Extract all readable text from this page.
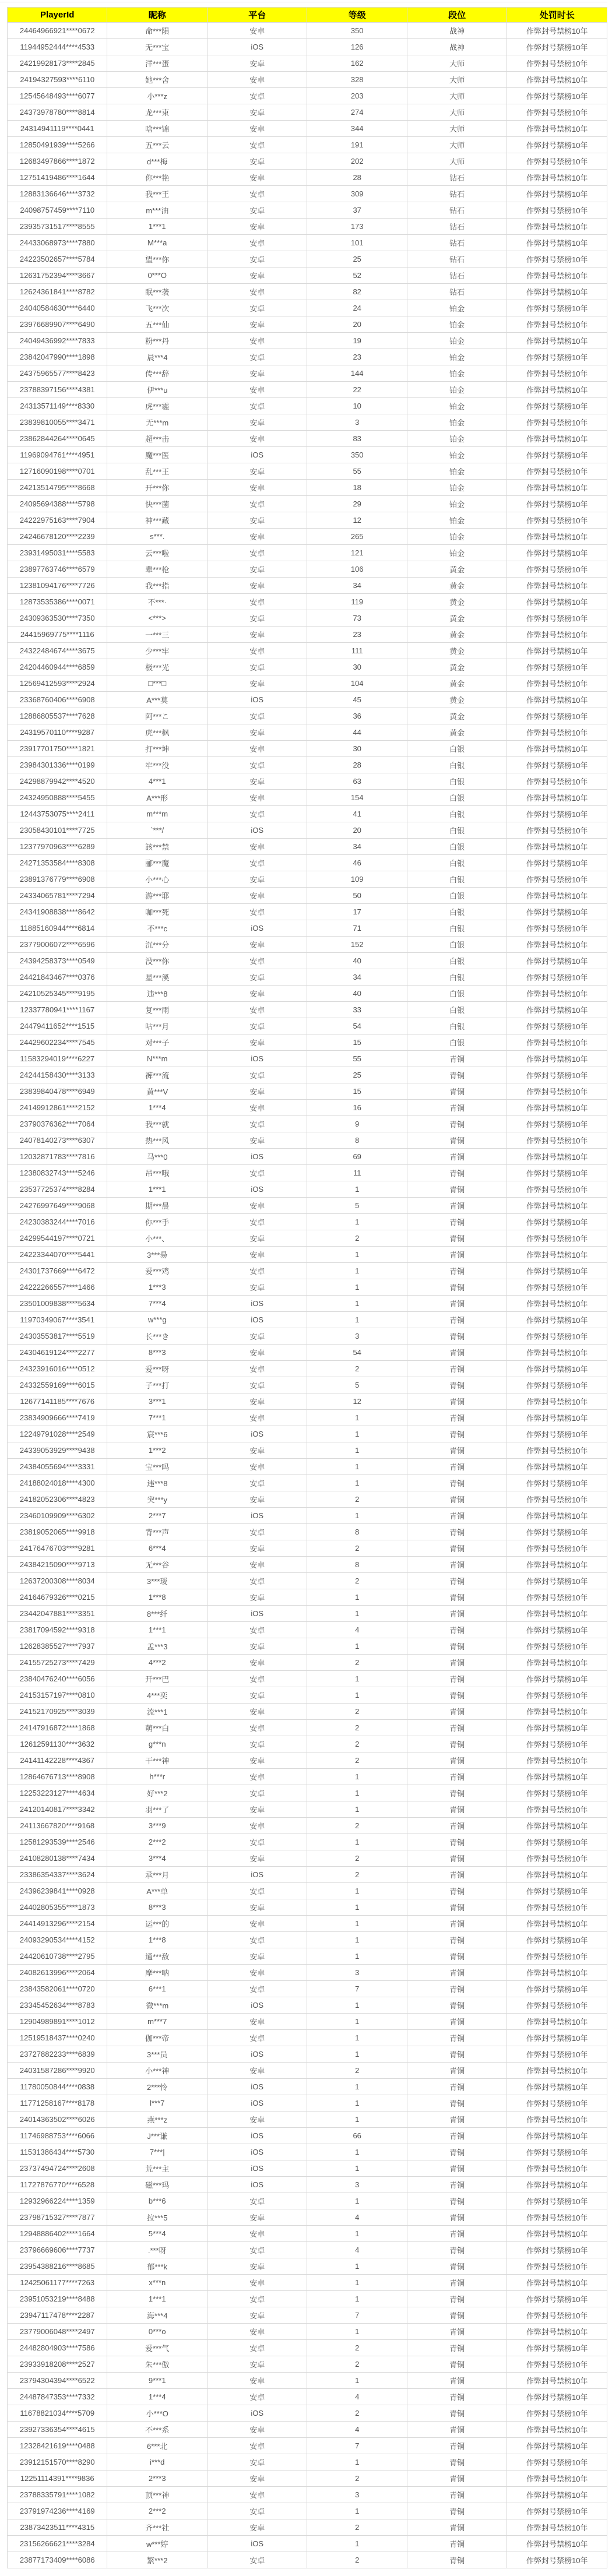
PlayerId	昵称	平台	等级	段位	处罚时长
24464966921****0672	命***隕	安卓	350	战神	作弊封号禁榜10年
11944952444****4533	无***宝	iOS	126	战神	作弊封号禁榜10年
24219928173****2845	洋***蛋	安卓	162	大师	作弊封号禁榜10年
24194327593****6110	她***舍	安卓	328	大师	作弊封号禁榜10年
12545648493****6077	小***z	安卓	203	大师	作弊封号禁榜10年
24373978780****8814	龙***束	安卓	274	大师	作弊封号禁榜10年
24314941119****0441	啥***锦	安卓	344	大师	作弊封号禁榜10年
12850491939****5266	五***云	安卓	191	大师	作弊封号禁榜10年
12683497866****1872	d***梅	安卓	202	大师	作弊封号禁榜10年
12751419486****1644	你***艳	安卓	28	钻石	作弊封号禁榜10年
12883136646****3732	我***王	安卓	309	钻石	作弊封号禁榜10年
24098757459****7110	m***油	安卓	37	钻石	作弊封号禁榜10年
23935731517****8555	1***1	安卓	173	钻石	作弊封号禁榜10年
24433068973****7880	M***a	安卓	101	钻石	作弊封号禁榜10年
24223502657****5784	望***你	安卓	25	钻石	作弊封号禁榜10年
12631752394****3667	0***O	安卓	52	钻石	作弊封号禁榜10年
12624361841****8782	眠***袭	安卓	82	钻石	作弊封号禁榜10年
24040584630****6440	飞***次	安卓	24	铂金	作弊封号禁榜10年
23976689907****6490	五***仙	安卓	20	铂金	作弊封号禁榜10年
24049436992****7833	粉***丹	安卓	19	铂金	作弊封号禁榜10年
23842047990****1898	晨***4	安卓	23	铂金	作弊封号禁榜10年
24375965577****8423	传***辞	安卓	144	铂金	作弊封号禁榜10年
23788397156****4381	伊***u	安卓	22	铂金	作弊封号禁榜10年
24313571149****8330	虎***霾	安卓	10	铂金	作弊封号禁榜10年
23839810055****3471	无***m	安卓	3	铂金	作弊封号禁榜10年
23862844264****0645	超***击	安卓	83	铂金	作弊封号禁榜10年
11969094761****4951	魔***医	iOS	350	铂金	作弊封号禁榜10年
12716090198****0701	乱***王	安卓	55	铂金	作弊封号禁榜10年
24213514795****8668	开***你	安卓	18	铂金	作弊封号禁榜10年
24095694388****5798	快***菌	安卓	29	铂金	作弊封号禁榜10年
24222975163****7904	神***藏	安卓	12	铂金	作弊封号禁榜10年
24246678120****2239	s***.	安卓	265	铂金	作弊封号禁榜10年
23931495031****5583	云***啦	安卓	121	铂金	作弊封号禁榜10年
23897763746****6579	辈***枪	安卓	106	黄金	作弊封号禁榜10年
12381094176****7726	我***指	安卓	34	黄金	作弊封号禁榜10年
12873535386****0071	不***·	安卓	119	黄金	作弊封号禁榜10年
24309363530****7350	<***>	安卓	73	黄金	作弊封号禁榜10年
24415969775****1116	一***三	安卓	23	黄金	作弊封号禁榜10年
24322484674****3675	少***牢	安卓	111	黄金	作弊封号禁榜10年
24204460944****6859	极***光	安卓	30	黄金	作弊封号禁榜10年
12569412593****2924	□***□	安卓	104	黄金	作弊封号禁榜10年
23368760406****6908	A***莫	iOS	45	黄金	作弊封号禁榜10年
12886805537****7628	阿***こ	安卓	36	黄金	作弊封号禁榜10年
24319570110****9287	虎***枫	安卓	44	黄金	作弊封号禁榜10年
23917701750****1821	打***坤	安卓	30	白银	作弊封号禁榜10年
23984301336****0199	牢***没	安卓	28	白银	作弊封号禁榜10年
24298879942****4520	4***1	安卓	63	白银	作弊封号禁榜10年
24324950888****5455	A***形	安卓	154	白银	作弊封号禁榜10年
12443753075****2411	m***m	安卓	41	白银	作弊封号禁榜10年
23058430101****7725	`***/	iOS	20	白银	作弊封号禁榜10年
12377970963****6289	該***禁	安卓	34	白银	作弊封号禁榜10年
24271353584****8308	郦***魔	安卓	46	白银	作弊封号禁榜10年
23891376779****6908	小***心	安卓	109	白银	作弊封号禁榜10年
24334065781****7294	游***耶	安卓	50	白银	作弊封号禁榜10年
24341908838****8642	咖***死	安卓	17	白银	作弊封号禁榜10年
11885160944****6814	不***c	iOS	71	白银	作弊封号禁榜10年
23779006072****6596	沉***分	安卓	152	白银	作弊封号禁榜10年
24394258373****0549	没***你	安卓	40	白银	作弊封号禁榜10年
24421843467****0376	星***溪	安卓	34	白银	作弊封号禁榜10年
24210525345****9195	违***8	安卓	40	白银	作弊封号禁榜10年
12337780941****1167	复***雨	安卓	33	白银	作弊封号禁榜10年
24479411652****1515	咕***月	安卓	54	白银	作弊封号禁榜10年
24429602234****7545	对***子	安卓	15	白银	作弊封号禁榜10年
11583294019****6227	N***m	iOS	55	青铜	作弊封号禁榜10年
24244158430****3133	裤***流	安卓	25	青铜	作弊封号禁榜10年
23839840478****6949	黄***V	安卓	15	青铜	作弊封号禁榜10年
24149912861****2152	1***4	安卓	16	青铜	作弊封号禁榜10年
23790376362****7064	我***就	安卓	9	青铜	作弊封号禁榜10年
24078140273****6307	热***风	安卓	8	青铜	作弊封号禁榜10年
12032871783****7816	马***0	iOS	69	青铜	作弊封号禁榜10年
12380832743****5246	吊***哦	安卓	11	青铜	作弊封号禁榜10年
23537725374****8284	1***1	iOS	1	青铜	作弊封号禁榜10年
24276997649****9068	期***晨	安卓	5	青铜	作弊封号禁榜10年
24230383244****7016	你***手	安卓	1	青铜	作弊封号禁榜10年
24299544197****0721	小***、	安卓	2	青铜	作弊封号禁榜10年
24223344070****5441	3***昜	安卓	1	青铜	作弊封号禁榜10年
24301737669****6472	爱***鸡	安卓	1	青铜	作弊封号禁榜10年
24222266557****1466	1***3	安卓	1	青铜	作弊封号禁榜10年
23501009838****5634	7***4	iOS	1	青铜	作弊封号禁榜10年
11970349067****3541	w***g	iOS	1	青铜	作弊封号禁榜10年
24303553817****5519	长***き	安卓	3	青铜	作弊封号禁榜10年
24304619124****2277	8***3	安卓	54	青铜	作弊封号禁榜10年
24323916016****0512	爱***呀	安卓	2	青铜	作弊封号禁榜10年
24332559169****6015	子***打	安卓	5	青铜	作弊封号禁榜10年
12677141185****7676	3***1	安卓	12	青铜	作弊封号禁榜10年
23834909666****7419	7***1	安卓	1	青铜	作弊封号禁榜10年
12249791028****2549	宸***6	iOS	1	青铜	作弊封号禁榜10年
24339053929****9438	1***2	安卓	1	青铜	作弊封号禁榜10年
24384055694****3331	宝***吗	安卓	1	青铜	作弊封号禁榜10年
24188024018****4300	违***8	安卓	1	青铜	作弊封号禁榜10年
24182052306****4823	突***y	安卓	2	青铜	作弊封号禁榜10年
23460109909****6302	2***7	iOS	1	青铜	作弊封号禁榜10年
23819052065****9918	背***声	安卓	8	青铜	作弊封号禁榜10年
24176476703****9281	6***4	安卓	2	青铜	作弊封号禁榜10年
24384215090****9713	无***谷	安卓	8	青铜	作弊封号禁榜10年
12637200308****8034	3***瑷	安卓	2	青铜	作弊封号禁榜10年
24164679326****0215	1***8	安卓	1	青铜	作弊封号禁榜10年
23442047881****3351	8***纤	iOS	1	青铜	作弊封号禁榜10年
23817094592****9318	1***1	安卓	4	青铜	作弊封号禁榜10年
12628385527****7937	孟***3	安卓	1	青铜	作弊封号禁榜10年
24155725273****7429	4***2	安卓	2	青铜	作弊封号禁榜10年
23840476240****6056	开***巴	安卓	1	青铜	作弊封号禁榜10年
24153157197****0810	4***奕	安卓	1	青铜	作弊封号禁榜10年
24152170925****3039	流***1	安卓	2	青铜	作弊封号禁榜10年
24147916872****1868	萌***白	安卓	2	青铜	作弊封号禁榜10年
12612591130****3632	g***n	安卓	2	青铜	作弊封号禁榜10年
24141142228****4367	干***神	安卓	2	青铜	作弊封号禁榜10年
12864676713****8908	h***r	安卓	1	青铜	作弊封号禁榜10年
12253223127****4634	好***2	安卓	1	青铜	作弊封号禁榜10年
24120140817****3342	羽***了	安卓	1	青铜	作弊封号禁榜10年
24113667820****9168	3***9	安卓	2	青铜	作弊封号禁榜10年
12581293539****2546	2***2	安卓	1	青铜	作弊封号禁榜10年
24108280138****7434	3***4	安卓	2	青铜	作弊封号禁榜10年
23386354337****3624	承***月	iOS	2	青铜	作弊封号禁榜10年
24396239841****0928	A***单	安卓	1	青铜	作弊封号禁榜10年
24402805355****1873	8***3	安卓	1	青铜	作弊封号禁榜10年
24414913296****2154	运***的	安卓	1	青铜	作弊封号禁榜10年
24093290534****4152	1***8	安卓	1	青铜	作弊封号禁榜10年
24420610738****2795	通***敌	安卓	1	青铜	作弊封号禁榜10年
24082613996****2064	摩***呐	安卓	3	青铜	作弊封号禁榜10年
23843582061****0720	6***1	安卓	7	青铜	作弊封号禁榜10年
23345452634****8783	微***m	iOS	1	青铜	作弊封号禁榜10年
12904989891****1012	m***7	安卓	1	青铜	作弊封号禁榜10年
12519518437****0240	伽***帝	安卓	1	青铜	作弊封号禁榜10年
23727882233****6839	3***员	iOS	1	青铜	作弊封号禁榜10年
24031587286****9920	小***神	安卓	2	青铜	作弊封号禁榜10年
11780050844****0838	2***怜	iOS	1	青铜	作弊封号禁榜10年
11771258167****8178	l***7	iOS	1	青铜	作弊封号禁榜10年
24014363502****6026	燕***z	安卓	1	青铜	作弊封号禁榜10年
11746988753****6066	J***谦	iOS	66	青铜	作弊封号禁榜10年
11531386434****5730	7***|	iOS	1	青铜	作弊封号禁榜10年
23737494724****2608	荒***主	iOS	1	青铜	作弊封号禁榜10年
11727876770****6528	磁***玛	iOS	3	青铜	作弊封号禁榜10年
12932966224****1359	b***6	安卓	1	青铜	作弊封号禁榜10年
23798715327****7877	拉***5	安卓	4	青铜	作弊封号禁榜10年
12948886402****1664	5***4	安卓	1	青铜	作弊封号禁榜10年
23796669606****7737	.***呀	安卓	4	青铜	作弊封号禁榜10年
23954388216****8685	郁***k	安卓	1	青铜	作弊封号禁榜10年
12425061177****7263	x***n	安卓	1	青铜	作弊封号禁榜10年
23951053219****8488	1***1	安卓	1	青铜	作弊封号禁榜10年
23947117478****2287	海***4	安卓	7	青铜	作弊封号禁榜10年
23779006048****2497	0***o	安卓	1	青铜	作弊封号禁榜10年
24482804903****7586	爱***气	安卓	2	青铜	作弊封号禁榜10年
23933918208****2527	朱***傲	安卓	2	青铜	作弊封号禁榜10年
23794304394****6522	9***1	安卓	1	青铜	作弊封号禁榜10年
24487847353****7332	1***4	安卓	4	青铜	作弊封号禁榜10年
11678821034****5709	小***O	iOS	2	青铜	作弊封号禁榜10年
23927336354****4615	不***系	安卓	4	青铜	作弊封号禁榜10年
12328421619****0488	6***北	安卓	7	青铜	作弊封号禁榜10年
23912151570****8290	i***d	安卓	1	青铜	作弊封号禁榜10年
12251114391****9836	2***3	安卓	2	青铜	作弊封号禁榜10年
23788335791****1082	顶***神	安卓	3	青铜	作弊封号禁榜10年
23791974236****4169	2***2	安卓	1	青铜	作弊封号禁榜10年
23873423511****4315	齐***社	安卓	2	青铜	作弊封号禁榜10年
23156266621****3284	w***婷	iOS	1	青铜	作弊封号禁榜10年
23877173409****6086	繁***2	安卓	2	青铜	作弊封号禁榜10年
